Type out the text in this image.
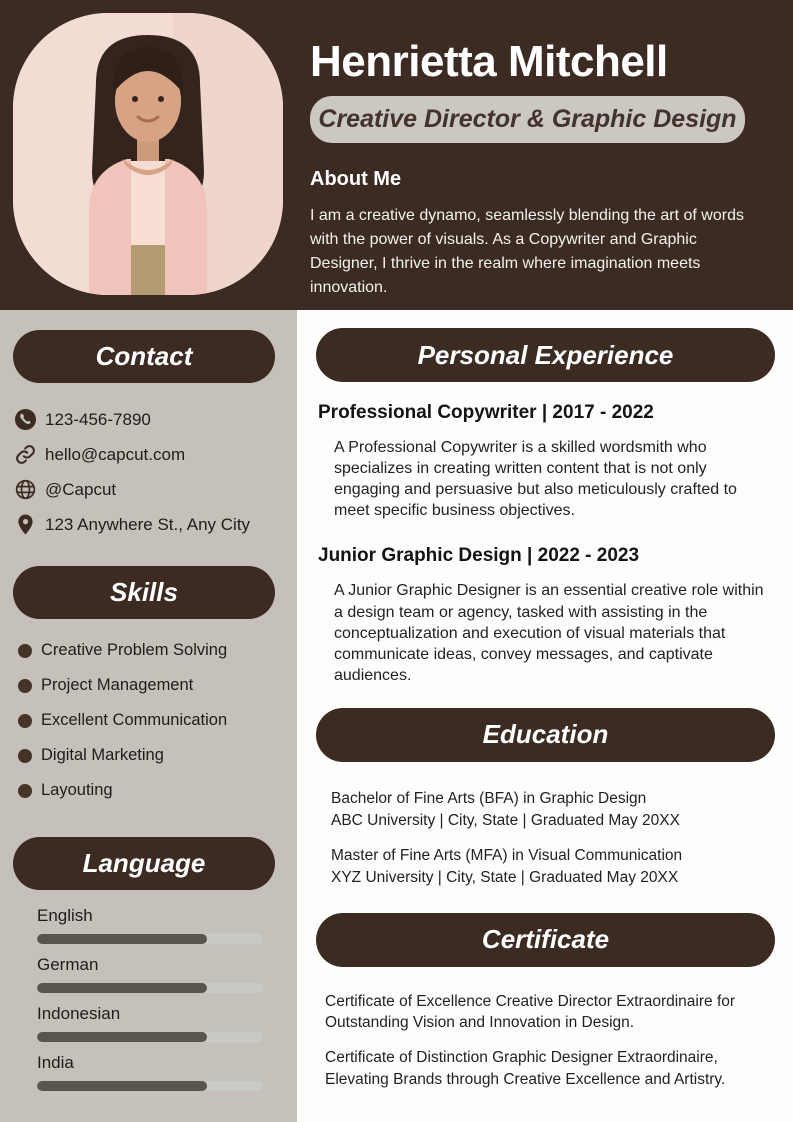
Henrietta Mitchell
Creative Director & Graphic Design
About Me
I am a creative dynamo, seamlessly blending the art of words with the power of visuals. As a Copywriter and Graphic Designer, I thrive in the realm where imagination meets innovation.
Contact
123-456-7890
hello@capcut.com
@Capcut
123 Anywhere St., Any City
Skills
Creative Problem Solving
Project Management
Excellent Communication
Digital Marketing
Layouting
Language
English
German
Indonesian
India
Personal Experience
Professional Copywriter | 2017 - 2022
A Professional Copywriter is a skilled wordsmith who specializes in creating written content that is not only engaging and persuasive but also meticulously crafted to meet specific business objectives.
Junior Graphic Design | 2022 - 2023
A Junior Graphic Designer is an essential creative role within a design team or agency, tasked with assisting in the conceptualization and execution of visual materials that communicate ideas, convey messages, and captivate audiences.
Education
Bachelor of Fine Arts (BFA) in Graphic Design
ABC University | City, State | Graduated May 20XX
Master of Fine Arts (MFA) in Visual Communication
XYZ University | City, State | Graduated May 20XX
Certificate
Certificate of Excellence Creative Director Extraordinaire for Outstanding Vision and Innovation in Design.
Certificate of Distinction Graphic Designer Extraordinaire, Elevating Brands through Creative Excellence and Artistry.
